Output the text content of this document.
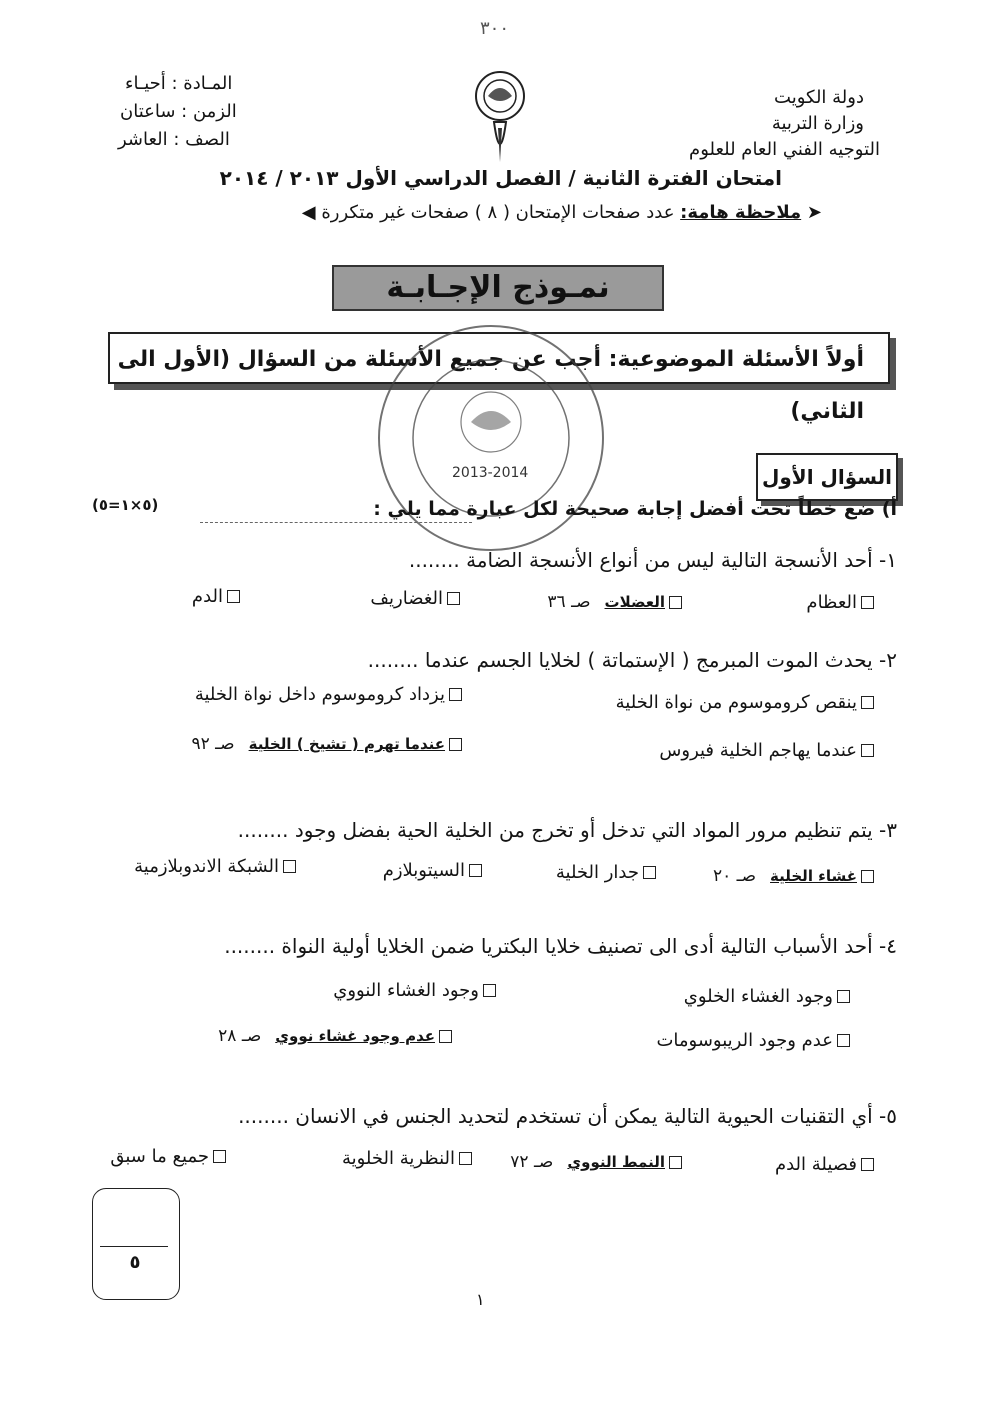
٣٠٠
دولة الكويت
وزارة التربية
التوجيه الفني العام للعلوم
المـادة : أحيـاء
الزمن : ساعتان
الصف : العاشر
امتحان الفترة الثانية / الفصل الدراسي الأول ٢٠١٣ / ٢٠١٤
➤ ملاحظة هامة: عدد صفحات الإمتحان ( ٨ ) صفحات غير متكررة ◀
نمـوذج الإجـابـة
أولاً الأسئلة الموضوعية: أجب عن جميع الأسئلة من السؤال (الأول الى الثاني)
2013-2014	السؤال الأول
أ) ضع خطاً تحت أفضل إجابة صحيحة لكل عبارة مما يلي :
(٥×١=٥)
١- أحد الأنسجة التالية ليس من أنواع الأنسجة الضامة ........
العظام
العضلات
صـ ٣٦
الغضاريف
الدم
٢- يحدث الموت المبرمج ( الإستماتة ) لخلايا الجسم عندما ........
ينقص كروموسوم من نواة الخلية
يزداد كروموسوم داخل نواة الخلية
عندما يهاجم الخلية فيروس
عندما تهرم ( تشيخ ) الخلية
صـ ٩٢
٣- يتم تنظيم مرور المواد التي تدخل أو تخرج من الخلية الحية بفضل وجود ........
غشاء الخلية
صـ ٢٠
جدار الخلية
السيتوبلازم
الشبكة الاندوبلازمية
٤- أحد الأسباب التالية أدى الى تصنيف خلايا البكتريا ضمن الخلايا أولية النواة ........
وجود الغشاء الخلوي
وجود الغشاء النووي
عدم وجود الريبوسومات
عدم وجود غشاء نووي
صـ ٢٨
٥- أي التقنيات الحيوية التالية يمكن أن تستخدم لتحديد الجنس في الانسان ........
فصيلة الدم
النمط النووي
صـ ٧٢
النظرية الخلوية
جميع ما سبق
٥
١
